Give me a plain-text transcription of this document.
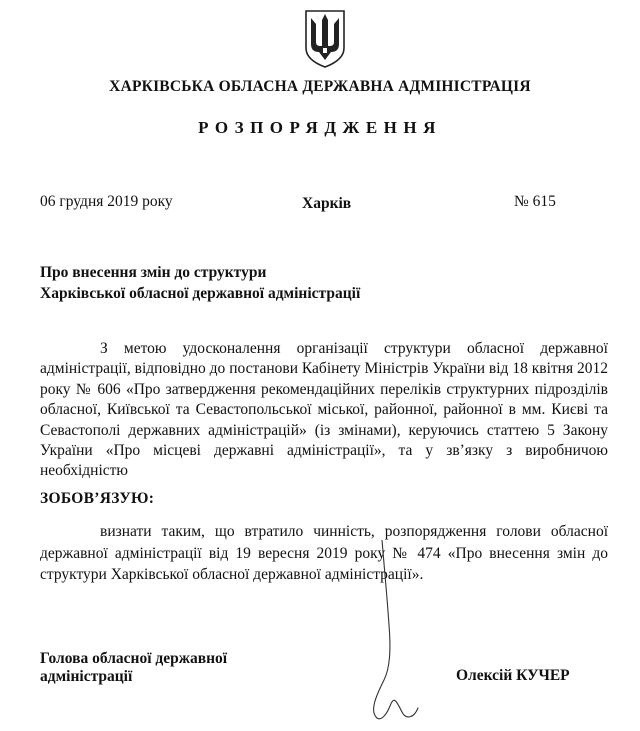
ХАРКІВСЬКА ОБЛАСНА ДЕРЖАВНА АДМІНІСТРАЦІЯ
РОЗПОРЯДЖЕННЯ
06 грудня 2019 року	Харків	№ 615
Про внесення змін до структури
Харківської обласної державної адміністрації
З метою удосконалення організації структури обласної державної адміністрації, відповідно до постанови Кабінету Міністрів України від 18 квітня 2012 року № 606 «Про затвердження рекомендаційних переліків структурних підрозділів обласної, Київської та Севастопольської міської, районної, районної в мм. Києві та Севастополі державних адміністрацій» (із змінами), керуючись статтею 5 Закону України «Про місцеві державні адміністрації», та у зв’язку з виробничою необхідністю
ЗОБОВ’ЯЗУЮ:
визнати таким, що втратило чинність, розпорядження голови обласної державної адміністрації від 19 вересня 2019 року № 474 «Про внесення змін до структури Харківської обласної державної адміністрації».
Голова обласної державної
адміністрації	Олексій КУЧЕР
